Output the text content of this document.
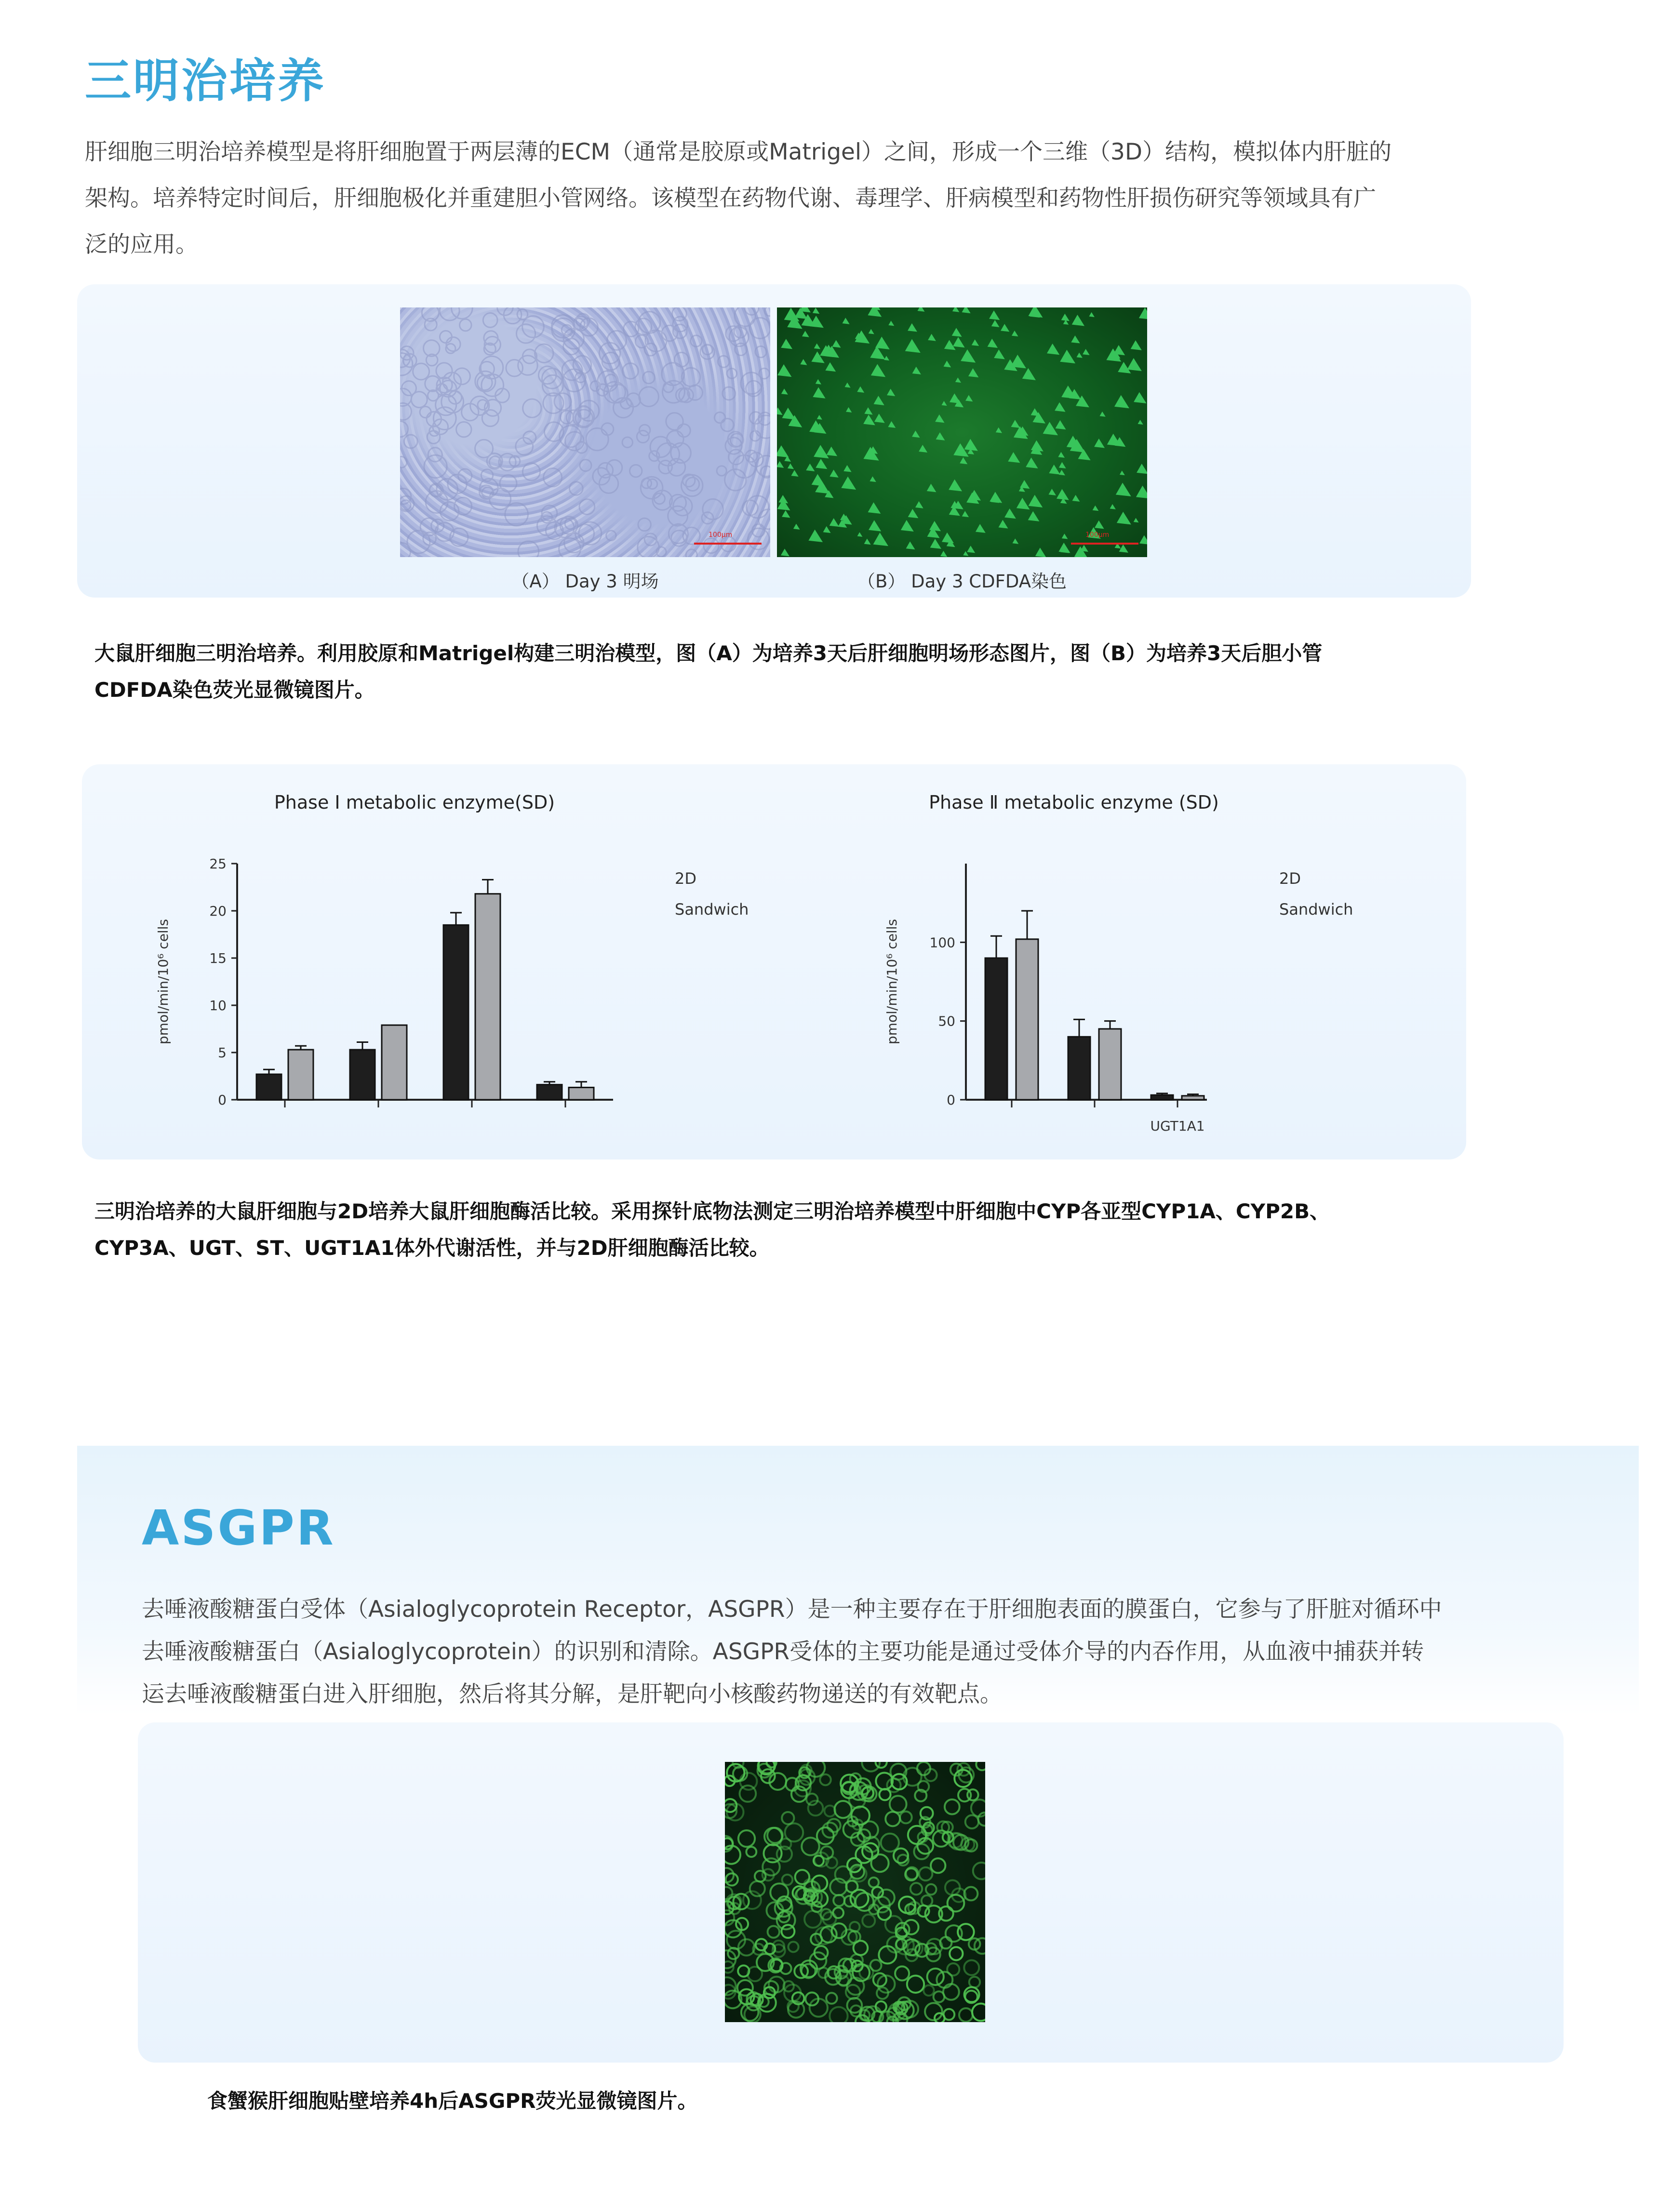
三明治培养
肝细胞三明治培养模型是将肝细胞置于两层薄的ECM（通常是胶原或Matrigel）之间，形成一个三维（3D）结构，模拟体内肝脏的
架构。培养特定时间后，肝细胞极化并重建胆小管网络。该模型在药物代谢、毒理学、肝病模型和药物性肝损伤研究等领域具有广
泛的应用。
100μm	100μm
（A） Day 3 明场	（B） Day 3 CDFDA染色
大鼠肝细胞三明治培养。利用胶原和Matrigel构建三明治模型，图（A）为培养3天后肝细胞明场形态图片，图（B）为培养3天后胆小管
CDFDA染色荧光显微镜图片。
Phase Ⅰ metabolic enzyme(SD)
0
5
10
15
20
25
pmol/min/10⁶ cells
2D
Sandwich
Phase Ⅱ metabolic enzyme (SD)
0
50
100
pmol/min/10⁶ cells
UGT1A1
2D
Sandwich
三明治培养的大鼠肝细胞与2D培养大鼠肝细胞酶活比较。采用探针底物法测定三明治培养模型中肝细胞中CYP各亚型CYP1A、CYP2B、
CYP3A、UGT、ST、UGT1A1体外代谢活性，并与2D肝细胞酶活比较。
ASGPR
去唾液酸糖蛋白受体（Asialoglycoprotein Receptor，ASGPR）是一种主要存在于肝细胞表面的膜蛋白，它参与了肝脏对循环中
去唾液酸糖蛋白（Asialoglycoprotein）的识别和清除。ASGPR受体的主要功能是通过受体介导的内吞作用，从血液中捕获并转
运去唾液酸糖蛋白进入肝细胞，然后将其分解，是肝靶向小核酸药物递送的有效靶点。
食蟹猴肝细胞贴壁培养4h后ASGPR荧光显微镜图片。
